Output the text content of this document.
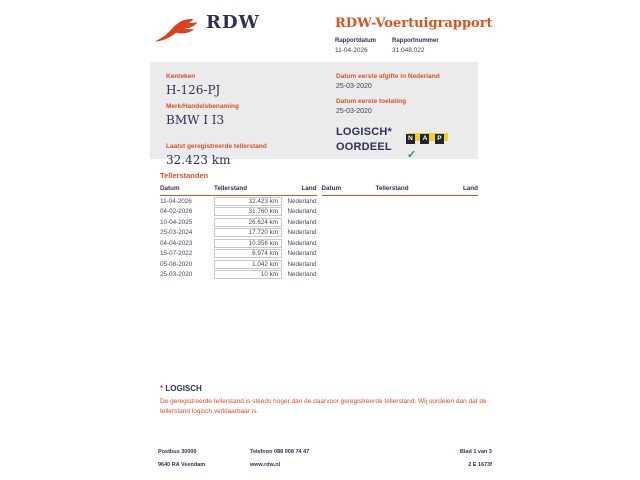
RDW	RDW-Voertuigrapport
Rapportdatum
11-04-2026
Rapportnummer
31.048.022
Kenteken
H-126-PJ
Merk/Handelsbenaming
BMW I I3
Laatst geregistreerde tellerstand
32.423 km
Datum eerste afgifte in Nederland
25-03-2020
Datum eerste toelating
25-03-2020
LOGISCH*
OORDEEL
N A P ✓
Tellerstanden
Datum	Tellerstand	Land
11-04-2026	32.423 km	Nederland
04-02-2026	31.760 km	Nederland
10-04-2025	26.624 km	Nederland
25-03-2024	17.720 km	Nederland
04-04-2023	10.356 km	Nederland
15-07-2022	6.974 km	Nederland
05-08-2020	1.042 km	Nederland
25-03-2020	10 km	Nederland
Datum	Tellerstand	Land
* LOGISCH
De geregistreerde tellerstand is steeds hoger dan de daarvoor geregistreerde tellerstand. Wij oordelen dan dat de tellerstand logisch verklaarbaar is.
Postbus 30000
9640 RA Veendam
Telefoon 088 008 74 47
www.rdw.nl
Blad 1 van 3
2 E 1673f
